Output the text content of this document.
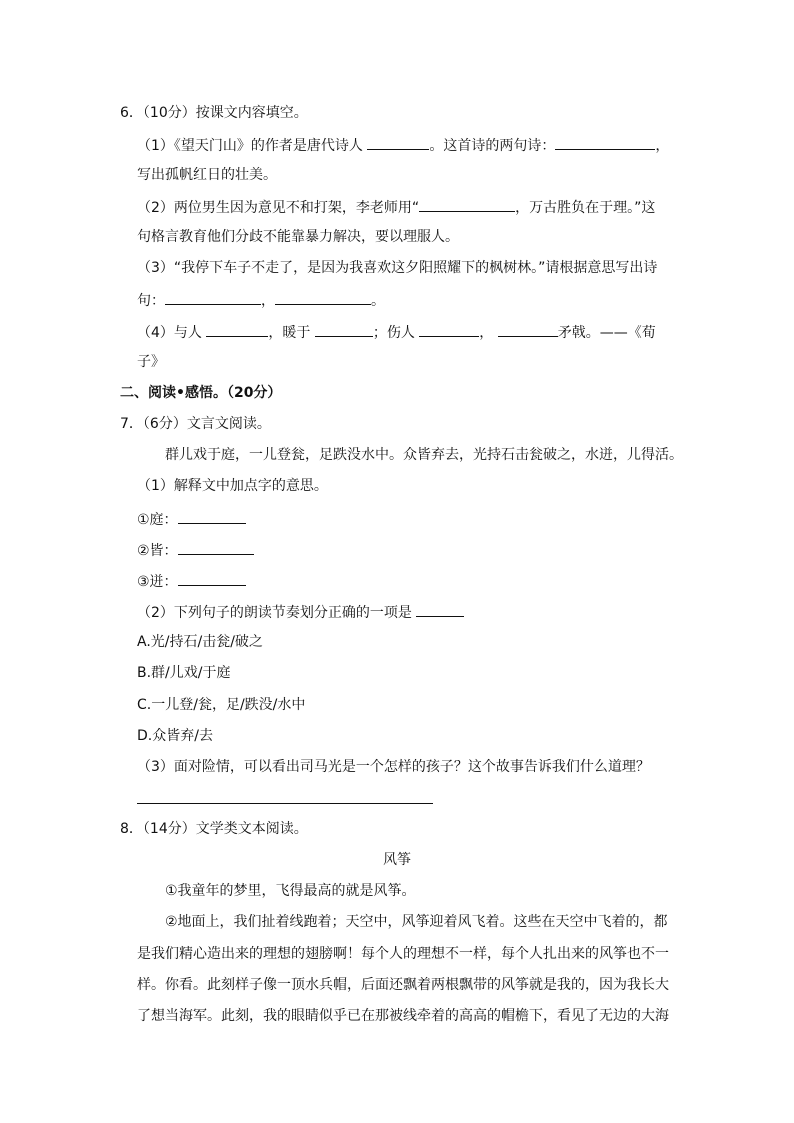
6．（10分）按课文内容填空。
（1）《望天门山》的作者是唐代诗人	。这首诗的两句诗：	，
写出孤帆红日的壮美。
（2）两位男生因为意见不和打架，李老师用“	，万古胜负在于理。”这
句格言教育他们分歧不能靠暴力解决，要以理服人。
（3）“我停下车子不走了，是因为我喜欢这夕阳照耀下的枫树林。”请根据意思写出诗
句：	，	。
（4）与人	，暖于	；伤人	，	矛戟。——《荀
子》
二、阅读•感悟。（20分）
7．（6分）文言文阅读。
群儿戏于庭，一儿登瓮，足跌没水中。众皆弃去，光持石击瓮破之，水迸，儿得活。
（1）解释文中加点字的意思。
①庭：
②皆：
③迸：
（2）下列句子的朗读节奏划分正确的一项是
A.光/持石/击瓮/破之
B.群/儿戏/于庭
C.一儿登/瓮，足/跌没/水中
D.众皆弃/去
（3）面对险情，可以看出司马光是一个怎样的孩子？这个故事告诉我们什么道理？
8．（14分）文学类文本阅读。
风筝
①我童年的梦里，飞得最高的就是风筝。
②地面上，我们扯着线跑着；天空中，风筝迎着风飞着。这些在天空中飞着的，都
是我们精心造出来的理想的翅膀啊！每个人的理想不一样，每个人扎出来的风筝也不一
样。你看。此刻样子像一顶水兵帽，后面还飘着两根飘带的风筝就是我的，因为我长大
了想当海军。此刻，我的眼睛似乎已在那被线牵着的高高的帽檐下，看见了无边的大海
